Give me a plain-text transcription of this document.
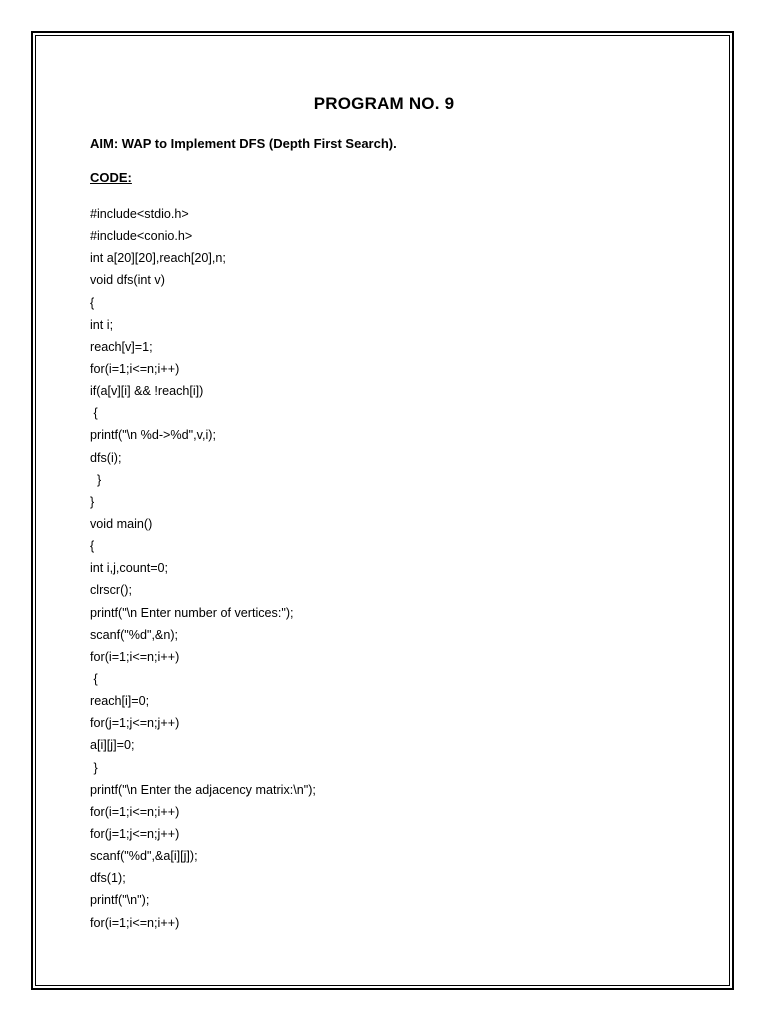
PROGRAM NO. 9
AIM: WAP to Implement DFS (Depth First Search).
CODE:
#include<stdio.h>
#include<conio.h>
int a[20][20],reach[20],n;
void dfs(int v)
{
int i;
reach[v]=1;
for(i=1;i<=n;i++)
if(a[v][i] && !reach[i])
{
printf("\n %d->%d",v,i);
dfs(i);
}
}
void main()
{
int i,j,count=0;
clrscr();
printf("\n Enter number of vertices:");
scanf("%d",&n);
for(i=1;i<=n;i++)
{
reach[i]=0;
for(j=1;j<=n;j++)
a[i][j]=0;
}
printf("\n Enter the adjacency matrix:\n");
for(i=1;i<=n;i++)
for(j=1;j<=n;j++)
scanf("%d",&a[i][j]);
dfs(1);
printf("\n");
for(i=1;i<=n;i++)
